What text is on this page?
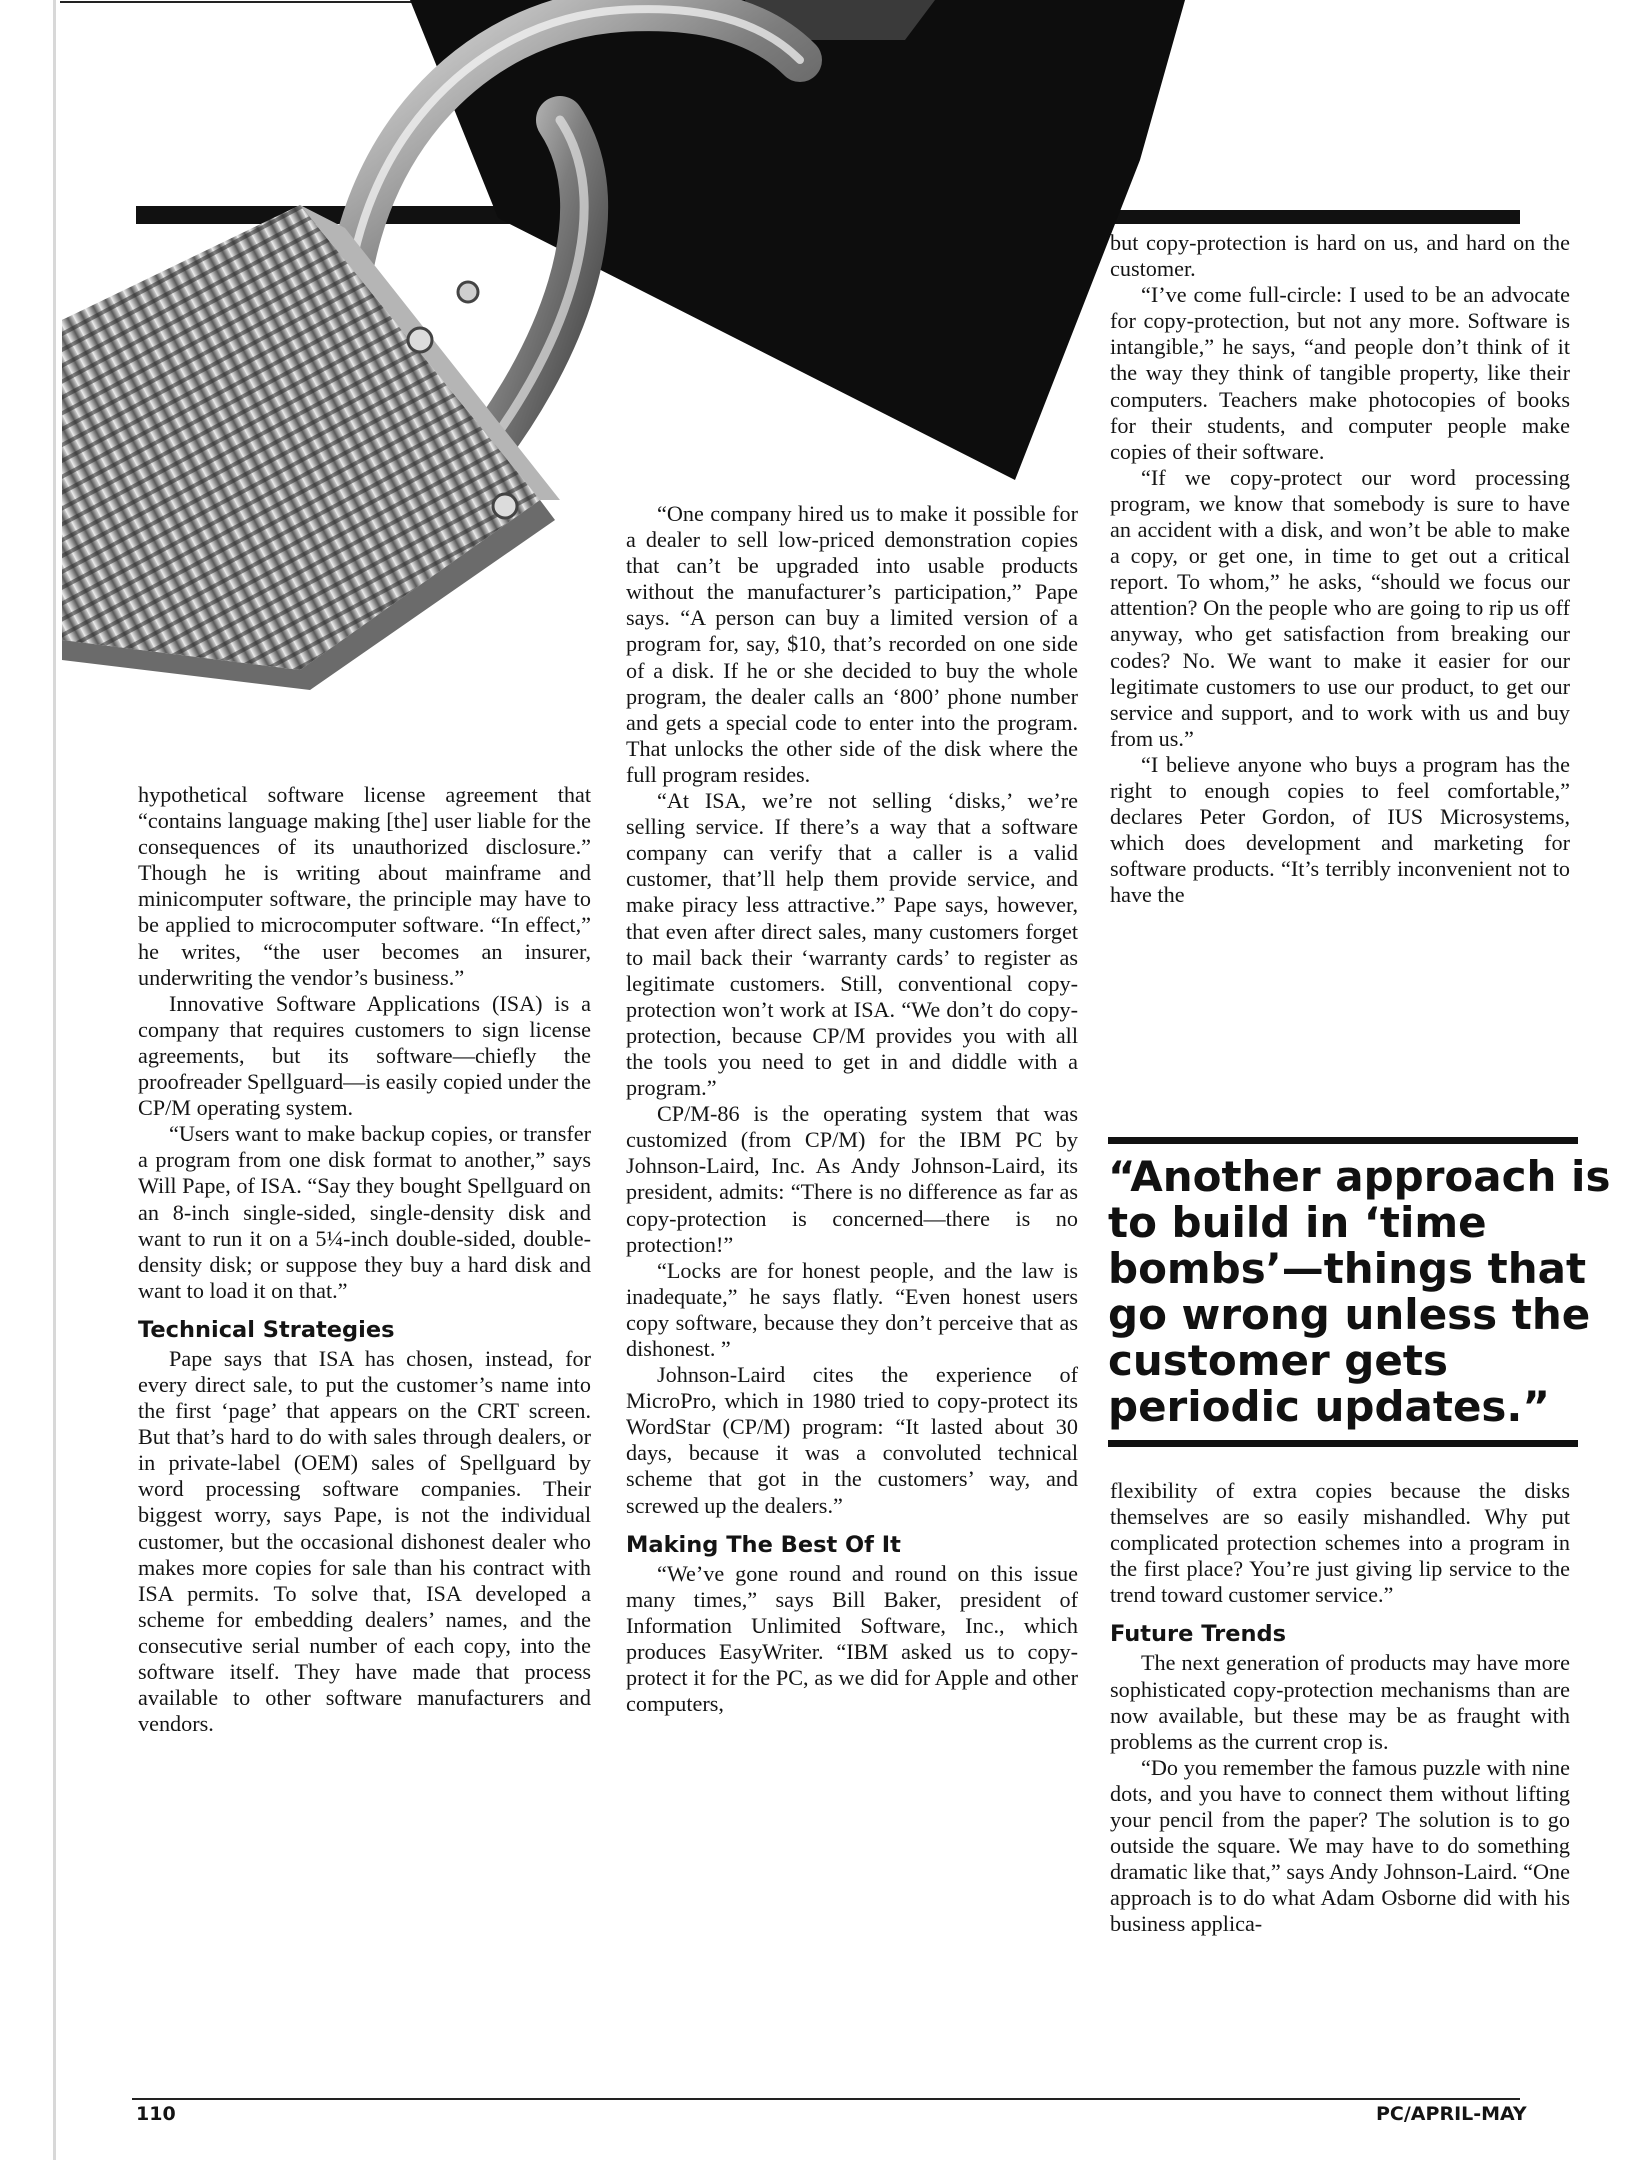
hypothetical software license agreement that “contains language making [the] user liable for the consequences of its unauthorized disclosure.” Though he is writing about mainframe and minicomputer software, the principle may have to be applied to microcomputer software. “In effect,” he writes, “the user becomes an insurer, underwriting the vendor’s business.”

Innovative Software Applications (ISA) is a company that requires customers to sign license agreements, but its software—chiefly the proofreader Spellguard—is easily copied under the CP/M operating system.

“Users want to make backup copies, or transfer a program from one disk format to another,” says Will Pape, of ISA. “Say they bought Spellguard on an 8-inch single-sided, single-density disk and want to run it on a 5¼-inch double-sided, double-density disk; or suppose they buy a hard disk and want to load it on that.”

Technical Strategies

Pape says that ISA has chosen, instead, for every direct sale, to put the customer’s name into the first ‘page’ that appears on the CRT screen. But that’s hard to do with sales through dealers, or in private-label (OEM) sales of Spellguard by word processing software companies. Their biggest worry, says Pape, is not the individual customer, but the occasional dishonest dealer who makes more copies for sale than his contract with ISA permits. To solve that, ISA developed a scheme for embedding dealers’ names, and the consecutive serial number of each copy, into the software itself. They have made that process available to other software manufacturers and vendors.

“One company hired us to make it possible for a dealer to sell low-priced demonstration copies that can’t be upgraded into usable products without the manufacturer’s participation,” Pape says. “A person can buy a limited version of a program for, say, $10, that’s recorded on one side of a disk. If he or she decided to buy the whole program, the dealer calls an ‘800’ phone number and gets a special code to enter into the program. That unlocks the other side of the disk where the full program resides.

“At ISA, we’re not selling ‘disks,’ we’re selling service. If there’s a way that a software company can verify that a caller is a valid customer, that’ll help them provide service, and make piracy less attractive.” Pape says, however, that even after direct sales, many customers forget to mail back their ‘warranty cards’ to register as legitimate customers. Still, conventional copy-protection won’t work at ISA. “We don’t do copy-protection, because CP/M provides you with all the tools you need to get in and diddle with a program.”

CP/M-86 is the operating system that was customized (from CP/M) for the IBM PC by Johnson-Laird, Inc. As Andy Johnson-Laird, its president, admits: “There is no difference as far as copy-protection is concerned—there is no protection!”

“Locks are for honest people, and the law is inadequate,” he says flatly. “Even honest users copy software, because they don’t perceive that as dishonest. ”

Johnson-Laird cites the experience of MicroPro, which in 1980 tried to copy-protect its WordStar (CP/M) program: “It lasted about 30 days, because it was a convoluted technical scheme that got in the customers’ way, and screwed up the dealers.”

Making The Best Of It

“We’ve gone round and round on this issue many times,” says Bill Baker, president of Information Unlimited Software, Inc., which produces EasyWriter. “IBM asked us to copy-protect it for the PC, as we did for Apple and other computers,

but copy-protection is hard on us, and hard on the customer.

“I’ve come full-circle: I used to be an advocate for copy-protection, but not any more. Software is intangible,” he says, “and people don’t think of it the way they think of tangible property, like their computers. Teachers make photocopies of books for their students, and computer people make copies of their software.

“If we copy-protect our word processing program, we know that somebody is sure to have an accident with a disk, and won’t be able to make a copy, or get one, in time to get out a critical report. To whom,” he asks, “should we focus our attention? On the people who are going to rip us off anyway, who get satisfaction from breaking our codes? No. We want to make it easier for our legitimate customers to use our product, to get our service and support, and to work with us and buy from us.”

“I believe anyone who buys a program has the right to enough copies to feel comfortable,” declares Peter Gordon, of IUS Microsystems, which does development and marketing for software products. “It’s terribly inconvenient not to have the

“Another approach is to build in ‘time bombs’—things that go wrong unless the customer gets periodic updates.”

flexibility of extra copies because the disks themselves are so easily mishandled. Why put complicated protection schemes into a program in the first place? You’re just giving lip service to the trend toward customer service.”

Future Trends

The next generation of products may have more sophisticated copy-protection mechanisms than are now available, but these may be as fraught with problems as the current crop is.

“Do you remember the famous puzzle with nine dots, and you have to connect them without lifting your pencil from the paper? The solution is to go outside the square. We may have to do something dramatic like that,” says Andy Johnson-Laird. “One approach is to do what Adam Osborne did with his business applica-

110	PC/APRIL-MAY
